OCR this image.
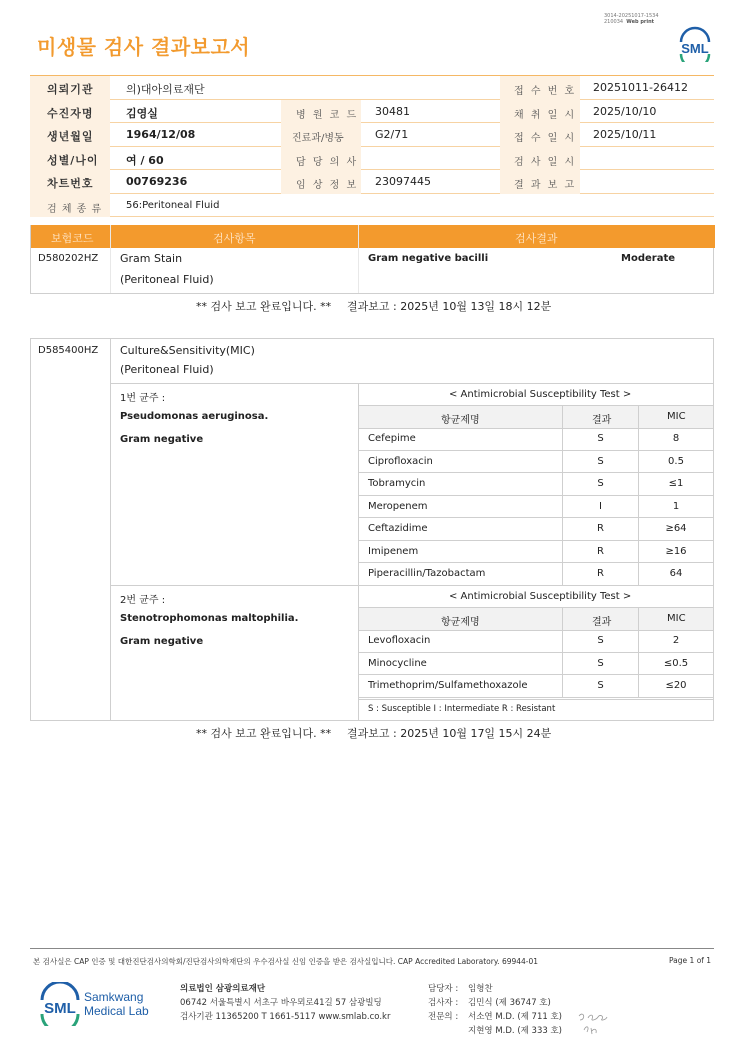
3014-20251017-1534
210034 Web print
미생물 검사 결과보고서	SML
의뢰기관	의)대아의료재단	접 수 번 호 20251011-26412
수진자명	김영실	병 원 코 드 30481	채 취 일 시 2025/10/10
생년월일	1964/12/08	진료과/병동	G2/71	접 수 일 시 2025/10/11
성별/나이 여 / 60	담 당 의 사	검 사 일 시
차트번호	00769236	임 상 정 보 23097445	결 과 보 고
검 체 종 류 56:Peritoneal Fluid
보험코드	검사항목	검사결과
D580202HZ Gram Stain
(Peritoneal Fluid)
Gram negative bacilli	Moderate
** 검사 보고 완료입니다. ** 결과보고 : 2025년 10월 13일 18시 12분
D585400HZ Culture&Sensitivity(MIC)
(Peritoneal Fluid)
1번 균주 :
Pseudomonas aeruginosa.
Gram negative
< Antimicrobial Susceptibility Test >
항균제명	결과	MIC
Cefepime	S	8
Ciprofloxacin	S	0.5
Tobramycin	S	≤1
Meropenem	I	1
Ceftazidime	R	≥64
Imipenem	R	≥16
Piperacillin/Tazobactam	R	64
2번 균주 :
Stenotrophomonas maltophilia.
Gram negative
< Antimicrobial Susceptibility Test >
항균제명	결과	MIC
Levofloxacin	S	2
Minocycline	S	≤0.5
Trimethoprim/Sulfamethoxazole	S	≤20
S : Susceptible I : Intermediate R : Resistant
** 검사 보고 완료입니다. ** 결과보고 : 2025년 10월 17일 15시 24분
본 검사실은 CAP 인증 및 대한진단검사의학회/진단검사의학재단의 우수검사실 신임 인증을 받은 검사실입니다. CAP Accredited Laboratory. 69944-01	Page 1 of 1
SML
Samkwang
Medical Lab
의료법인 삼광의료재단
06742 서울특별시 서초구 바우뫼로41길 57 삼광빌딩
검사기관 11365200 T 1661-5117 www.smlab.co.kr
담당자 : 임형찬
검사자 : 김민식 (제 36747 호)
전문의 : 서소연 M.D. (제 711 호)
지현영 M.D. (제 333 호)
